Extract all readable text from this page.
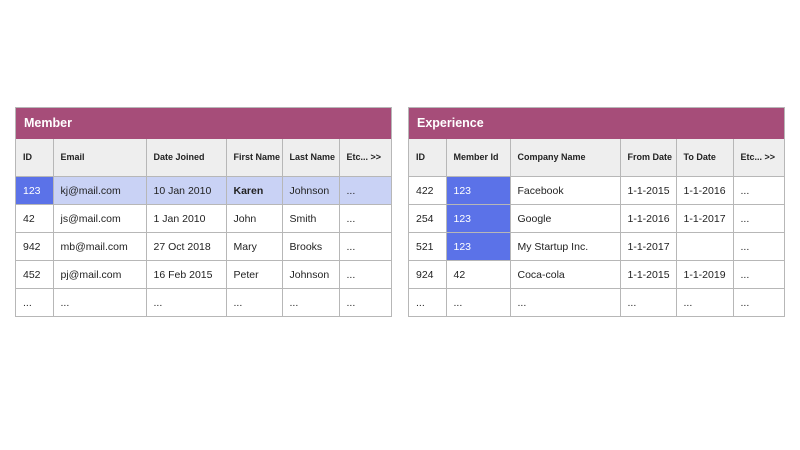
Member
ID	Email	Date Joined	First Name	Last Name	Etc... >>
123	kj@mail.com	10 Jan 2010	Karen	Johnson	...
42	js@mail.com	1 Jan 2010	John	Smith	...
942	mb@mail.com	27 Oct 2018	Mary	Brooks	...
452	pj@mail.com	16 Feb 2015	Peter	Johnson	...
...	...	...	...	...	...
Experience
ID	Member Id	Company Name	From Date	To Date	Etc... >>
422	123	Facebook	1-1-2015	1-1-2016	...
254	123	Google	1-1-2016	1-1-2017	...
521	123	My Startup Inc.	1-1-2017		...
924	42	Coca-cola	1-1-2015	1-1-2019	...
...	...	...	...	...	...
